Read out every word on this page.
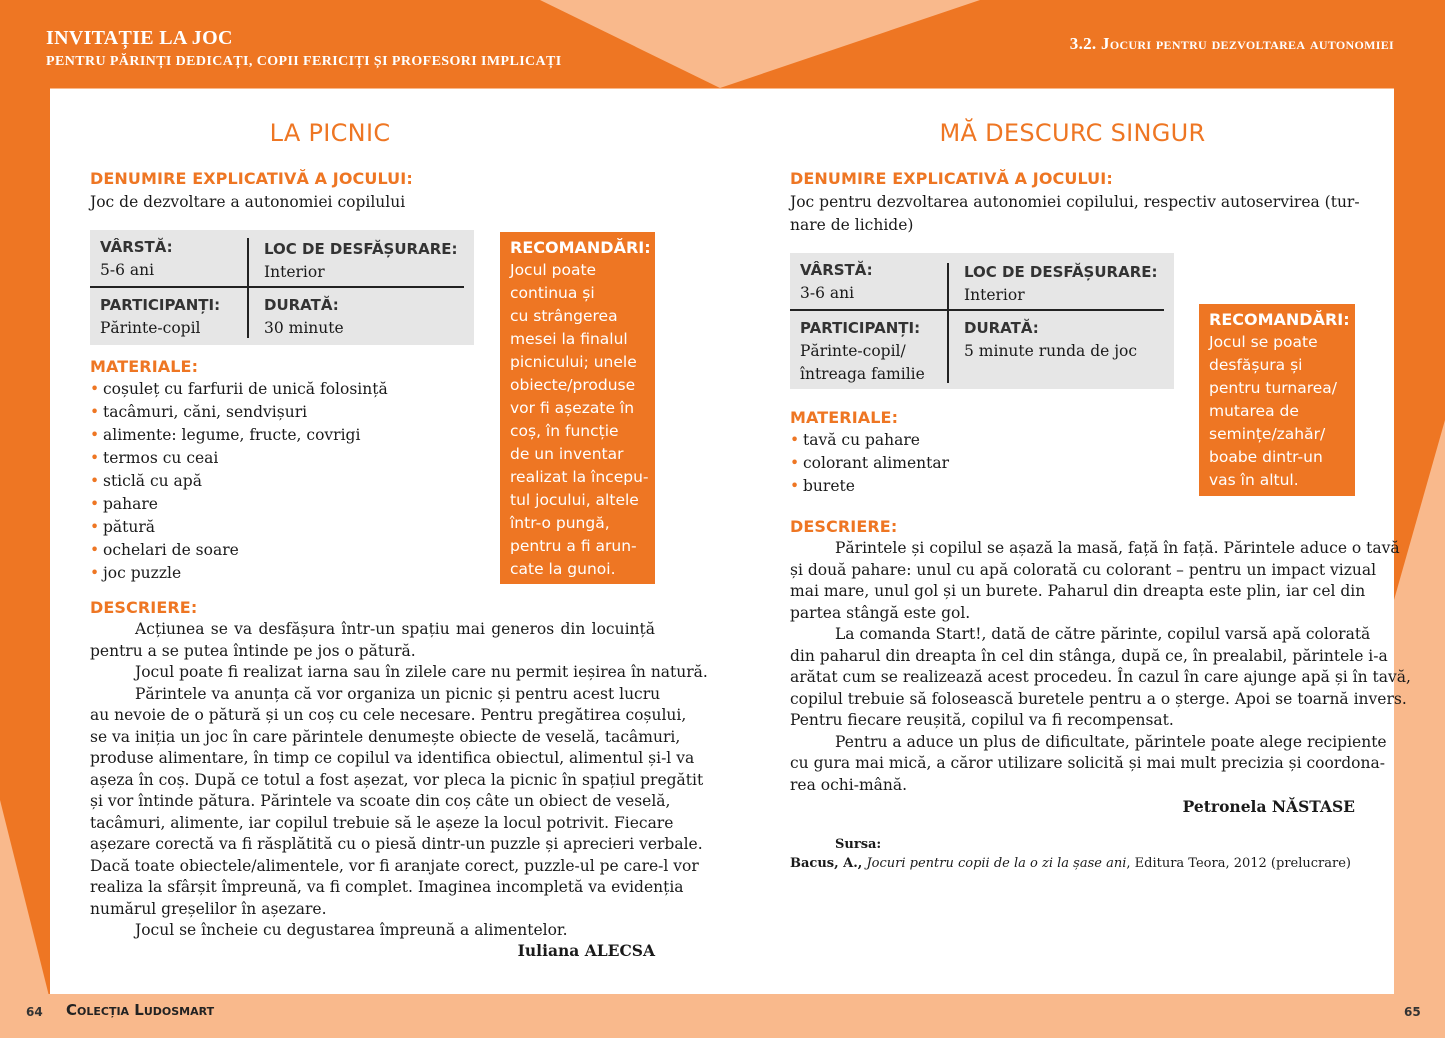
INVITAȚIE LA JOC
PENTRU PĂRINȚI DEDICAȚI, COPII FERICIȚI ȘI PROFESORI IMPLICAȚI
3.2. Jocuri pentru dezvoltarea autonomiei
LA PICNIC
DENUMIRE EXPLICATIVĂ A JOCULUI:
Joc de dezvoltare a autonomiei copilului
VÂRSTĂ:
5-6 ani
LOC DE DESFĂȘURARE:
Interior
PARTICIPANȚI:
Părinte-copil
DURATĂ:
30 minute
MATERIALE:
• coșuleț cu farfurii de unică folosință
• tacâmuri, căni, sendvișuri
• alimente: legume, fructe, covrigi
• termos cu ceai
• sticlă cu apă
• pahare
• pătură
• ochelari de soare
• joc puzzle
RECOMANDĂRI:
Jocul poate
continua și
cu strângerea
mesei la finalul
picnicului; unele
obiecte/produse
vor fi așezate în
coș, în funcție
de un inventar
realizat la începu-
tul jocului, altele
într-o pungă,
pentru a fi arun-
cate la gunoi.
DESCRIERE:

Acțiunea se va desfășura într-un spațiu mai generos din locuință

pentru a se putea întinde pe jos o pătură.

Jocul poate fi realizat iarna sau în zilele care nu permit ieșirea în natură.

Părintele va anunța că vor organiza un picnic și pentru acest lucru

au nevoie de o pătură și un coș cu cele necesare. Pentru pregătirea coșului,

se va iniția un joc în care părintele denumește obiecte de veselă, tacâmuri,

produse alimentare, în timp ce copilul va identifica obiectul, alimentul și-l va

așeza în coș. După ce totul a fost așezat, vor pleca la picnic în spațiul pregătit

și vor întinde pătura. Părintele va scoate din coș câte un obiect de veselă,

tacâmuri, alimente, iar copilul trebuie să le așeze la locul potrivit. Fiecare

așezare corectă va fi răsplătită cu o piesă dintr-un puzzle și aprecieri verbale.

Dacă toate obiectele/alimentele, vor fi aranjate corect, puzzle-ul pe care-l vor

realiza la sfârșit împreună, va fi complet. Imaginea incompletă va evidenția

numărul greșelilor în așezare.

Jocul se încheie cu degustarea împreună a alimentelor.

Iuliana ALECSA
MĂ DESCURC SINGUR
DENUMIRE EXPLICATIVĂ A JOCULUI:
Joc pentru dezvoltarea autonomiei copilului, respectiv autoservirea (tur-
nare de lichide)
VÂRSTĂ:
3-6 ani
LOC DE DESFĂȘURARE:
Interior
PARTICIPANȚI:
Părinte-copil/
întreaga familie
DURATĂ:
5 minute runda de joc
MATERIALE:
• tavă cu pahare
• colorant alimentar
• burete
RECOMANDĂRI:
Jocul se poate
desfășura și
pentru turnarea/
mutarea de
semințe/zahăr/
boabe dintr-un
vas în altul.
DESCRIERE:

Părintele și copilul se așază la masă, față în față. Părintele aduce o tavă

și două pahare: unul cu apă colorată cu colorant – pentru un impact vizual

mai mare, unul gol și un burete. Paharul din dreapta este plin, iar cel din

partea stângă este gol.

La comanda Start!, dată de către părinte, copilul varsă apă colorată

din paharul din dreapta în cel din stânga, după ce, în prealabil, părintele i-a

arătat cum se realizează acest procedeu. În cazul în care ajunge apă și în tavă,

copilul trebuie să folosească buretele pentru a o șterge. Apoi se toarnă invers.

Pentru fiecare reușită, copilul va fi recompensat.

Pentru a aduce un plus de dificultate, părintele poate alege recipiente

cu gura mai mică, a căror utilizare solicită și mai mult precizia și coordona-

rea ochi-mână.

Petronela NĂSTASE
Sursa:
Bacus, A., Jocuri pentru copii de la o zi la șase ani, Editura Teora, 2012 (prelucrare)
64 Colecția Ludosmart	65
